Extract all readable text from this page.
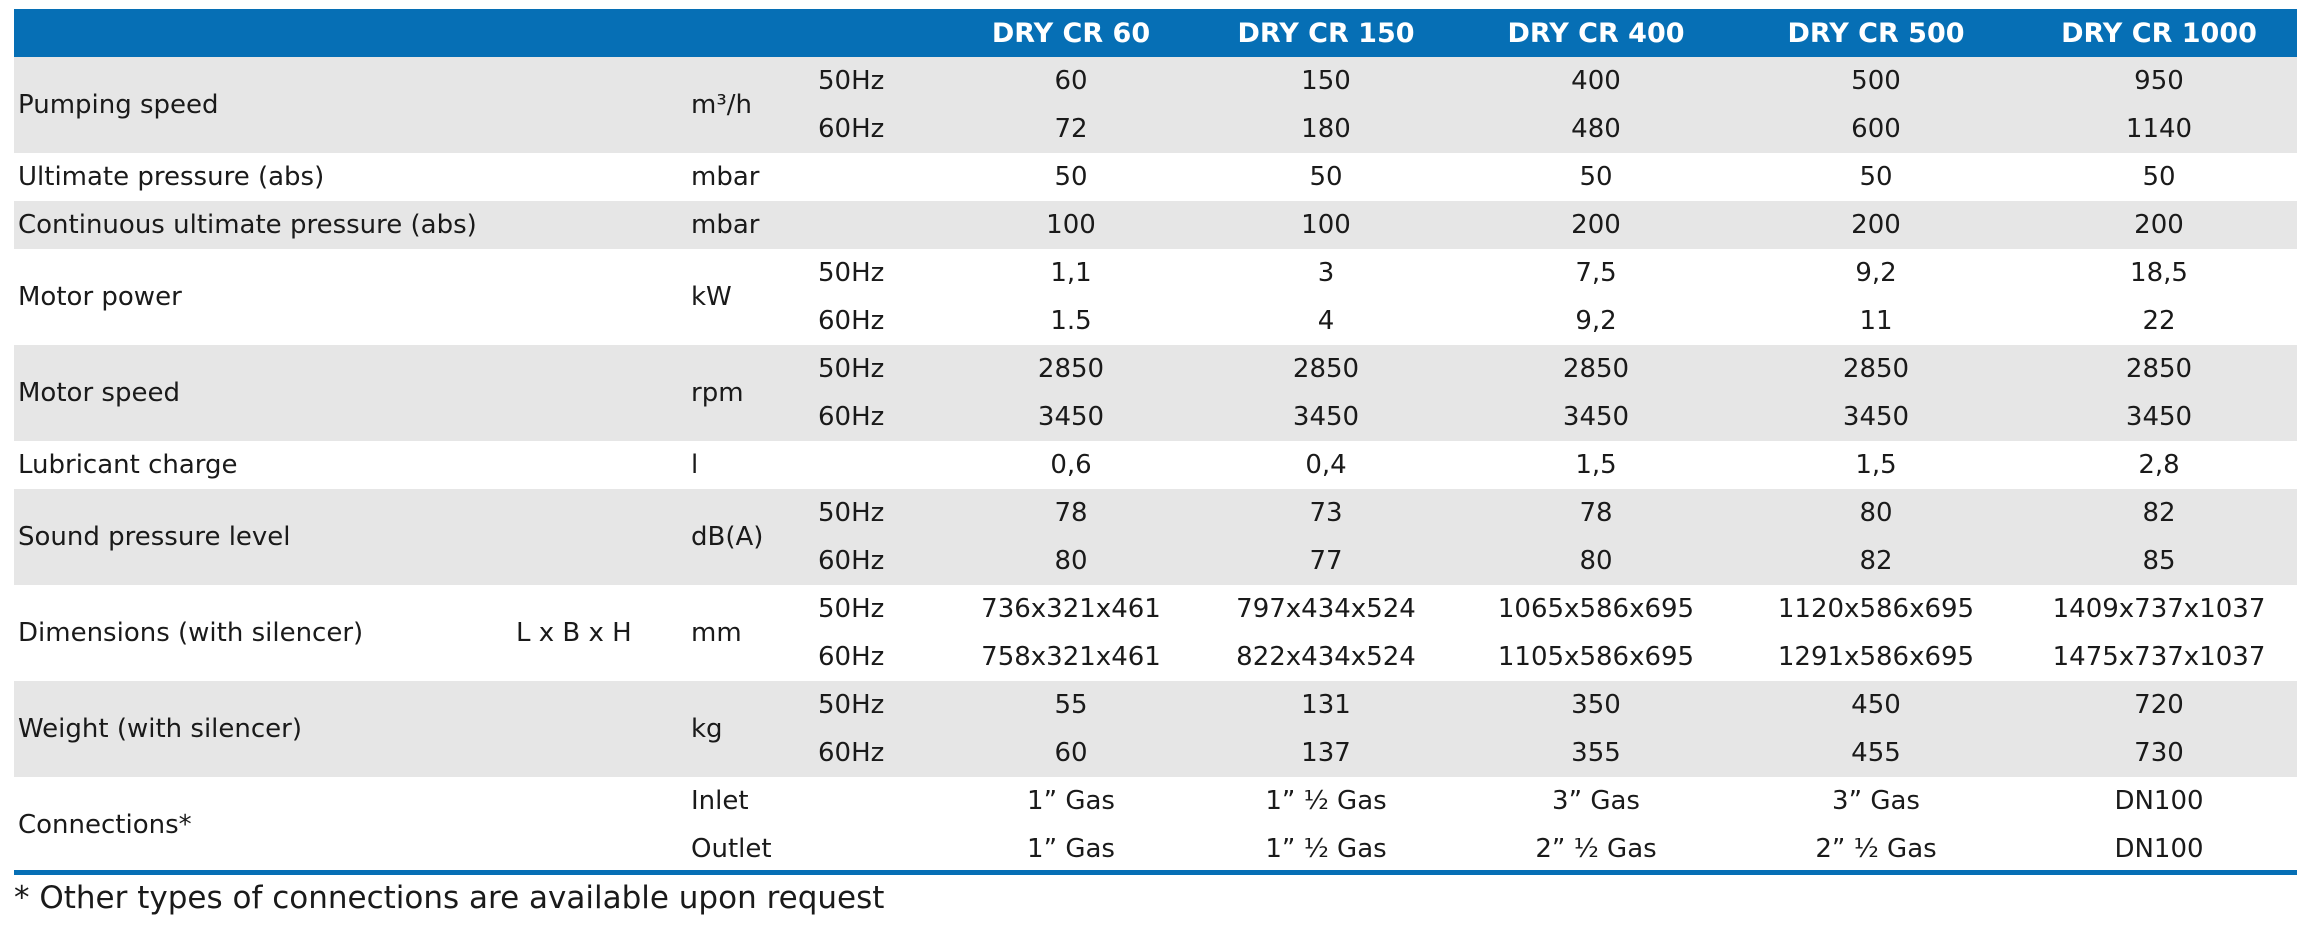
				DRY CR 60	DRY CR 150	DRY CR 400	DRY CR 500	DRY CR 1000
Pumping speed		m³/h	50Hz	60	150	400	500	950
			60Hz	72	180	480	600	1140
Ultimate pressure (abs)		mbar		50	50	50	50	50
Continuous ultimate pressure (abs)		mbar		100	100	200	200	200
Motor power		kW	50Hz	1,1	3	7,5	9,2	18,5
			60Hz	1.5	4	9,2	11	22
Motor speed		rpm	50Hz	2850	2850	2850	2850	2850
			60Hz	3450	3450	3450	3450	3450
Lubricant charge		l		0,6	0,4	1,5	1,5	2,8
Sound pressure level		dB(A)	50Hz	78	73	78	80	82
			60Hz	80	77	80	82	85
Dimensions (with silencer)	L x B x H	mm	50Hz	736x321x461	797x434x524	1065x586x695	1120x586x695	1409x737x1037
			60Hz	758x321x461	822x434x524	1105x586x695	1291x586x695	1475x737x1037
Weight (with silencer)		kg	50Hz	55	131	350	450	720
			60Hz	60	137	355	455	730
Connections*		Inlet		1” Gas	1” ½ Gas	3” Gas	3” Gas	DN100
		Outlet		1” Gas	1” ½ Gas	2” ½ Gas	2” ½ Gas	DN100
* Other types of connections are available upon request
